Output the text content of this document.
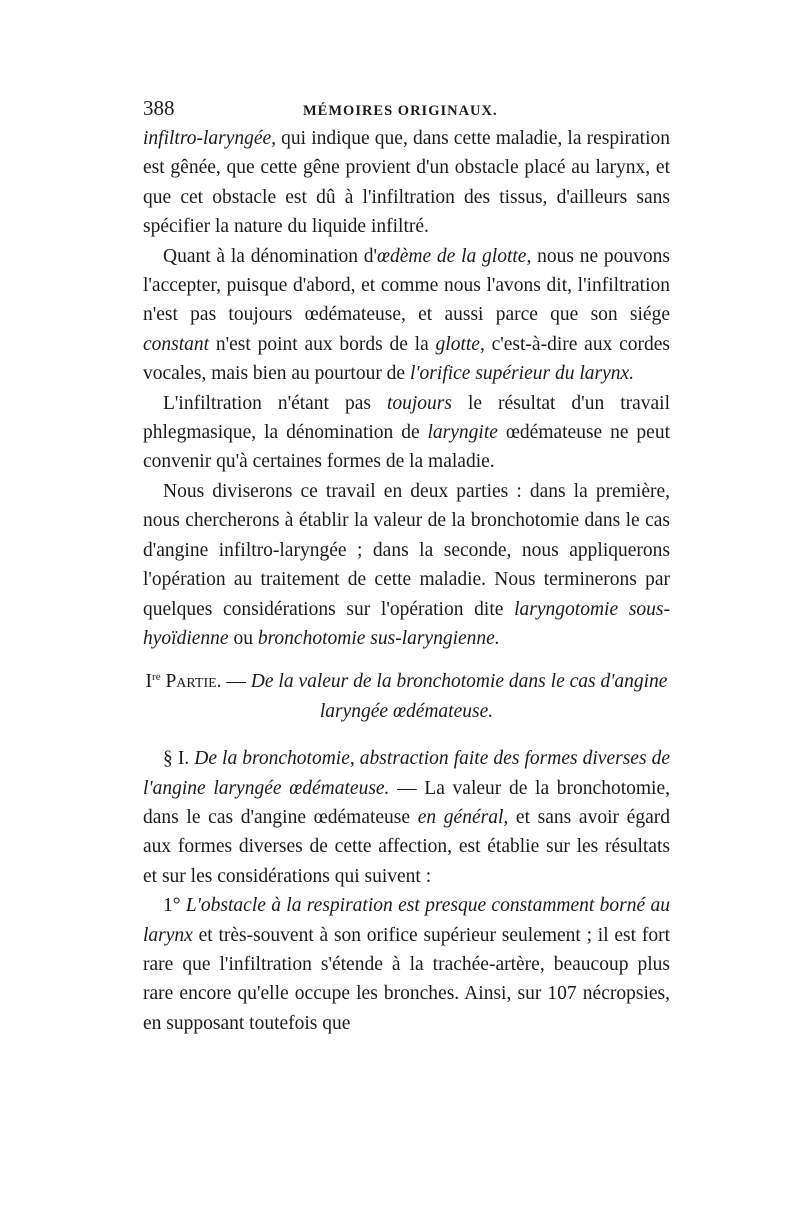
388	MÉMOIRES ORIGINAUX.

infiltro-laryngée, qui indique que, dans cette maladie, la respiration est gênée, que cette gêne provient d'un obstacle placé au larynx, et que cet obstacle est dû à l'infiltration des tissus, d'ailleurs sans spécifier la nature du liquide infiltré.

Quant à la dénomination d'œdème de la glotte, nous ne pouvons l'accepter, puisque d'abord, et comme nous l'avons dit, l'infiltration n'est pas toujours œdémateuse, et aussi parce que son siége constant n'est point aux bords de la glotte, c'est-à-dire aux cordes vocales, mais bien au pourtour de l'orifice supérieur du larynx.

L'infiltration n'étant pas toujours le résultat d'un travail phlegmasique, la dénomination de laryngite œdémateuse ne peut convenir qu'à certaines formes de la maladie.

Nous diviserons ce travail en deux parties : dans la première, nous chercherons à établir la valeur de la bronchotomie dans le cas d'angine infiltro-laryngée ; dans la seconde, nous appliquerons l'opération au traitement de cette maladie. Nous terminerons par quelques considérations sur l'opération dite laryngotomie sous-hyoïdienne ou bronchotomie sus-laryngienne.

Ire Partie. — De la valeur de la bronchotomie dans le cas d'angine laryngée œdémateuse.

§ I. De la bronchotomie, abstraction faite des formes diverses de l'angine laryngée œdémateuse. — La valeur de la bronchotomie, dans le cas d'angine œdémateuse en général, et sans avoir égard aux formes diverses de cette affection, est établie sur les résultats et sur les considérations qui suivent :

1° L'obstacle à la respiration est presque constamment borné au larynx et très-souvent à son orifice supérieur seulement ; il est fort rare que l'infiltration s'étende à la trachée-artère, beaucoup plus rare encore qu'elle occupe les bronches. Ainsi, sur 107 nécropsies, en supposant toutefois que
